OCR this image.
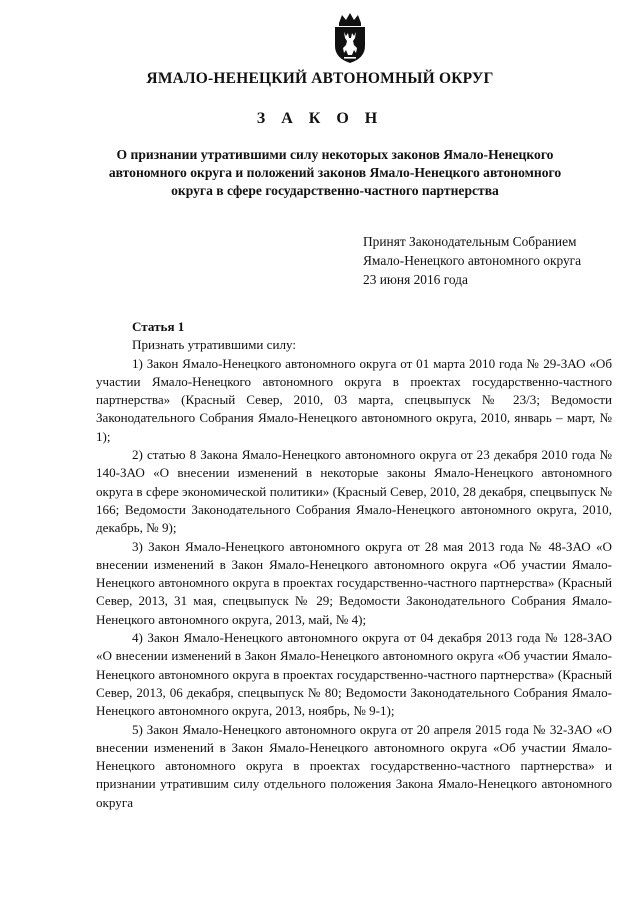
ЯМАЛО-НЕНЕЦКИЙ АВТОНОМНЫЙ ОКРУГ
З А К О Н
О признании утратившими силу некоторых законов Ямало-Ненецкого автономного округа и положений законов Ямало-Ненецкого автономного округа в сфере государственно-частного партнерства
Принят Законодательным Собранием
Ямало-Ненецкого автономного округа
23 июня 2016 года
Статья 1
Признать утратившими силу:
1) Закон Ямало-Ненецкого автономного округа от 01 марта 2010 года № 29-ЗАО «Об участии Ямало-Ненецкого автономного округа в проектах государственно-частного партнерства» (Красный Север, 2010, 03 марта, спецвыпуск № 23/3; Ведомости Законодательного Собрания Ямало-Ненецкого автономного округа, 2010, январь – март, № 1);
2) статью 8 Закона Ямало-Ненецкого автономного округа от 23 декабря 2010 года № 140-ЗАО «О внесении изменений в некоторые законы Ямало-Ненецкого автономного округа в сфере экономической политики» (Красный Север, 2010, 28 декабря, спецвыпуск № 166; Ведомости Законодательного Собрания Ямало-Ненецкого автономного округа, 2010, декабрь, № 9);
3) Закон Ямало-Ненецкого автономного округа от 28 мая 2013 года № 48-ЗАО «О внесении изменений в Закон Ямало-Ненецкого автономного округа «Об участии Ямало-Ненецкого автономного округа в проектах государственно-частного партнерства» (Красный Север, 2013, 31 мая, спецвыпуск № 29; Ведомости Законодательного Собрания Ямало-Ненецкого автономного округа, 2013, май, № 4);
4) Закон Ямало-Ненецкого автономного округа от 04 декабря 2013 года № 128-ЗАО «О внесении изменений в Закон Ямало-Ненецкого автономного округа «Об участии Ямало-Ненецкого автономного округа в проектах государственно-частного партнерства» (Красный Север, 2013, 06 декабря, спецвыпуск № 80; Ведомости Законодательного Собрания Ямало-Ненецкого автономного округа, 2013, ноябрь, № 9-1);
5) Закон Ямало-Ненецкого автономного округа от 20 апреля 2015 года № 32-ЗАО «О внесении изменений в Закон Ямало-Ненецкого автономного округа «Об участии Ямало-Ненецкого автономного округа в проектах государственно-частного партнерства» и признании утратившим силу отдельного положения Закона Ямало-Ненецкого автономного округа
